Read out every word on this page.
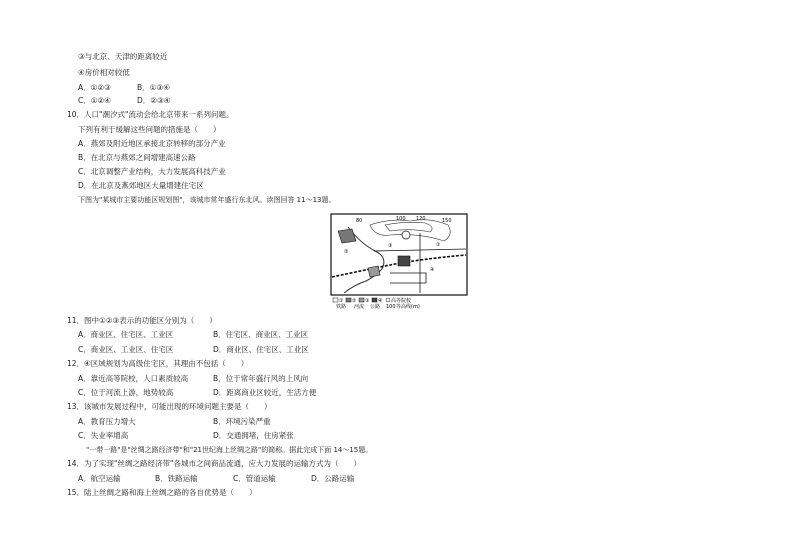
③与北京、天津的距离较近
④房价相对较低
A．①②③	B．①③④
C．①②④	D．②③④
10．人口"潮汐式"流动会给北京带来一系列问题。
下列有利于缓解这些问题的措施是（　　）
A．燕郊及附近地区承接北京转移的部分产业
B．在北京与燕郊之间增建高速公路
C．北京调整产业结构，大力发展高科技产业
D．在北京及燕郊地区大量增建住宅区
下图为"某城市主要功能区规划图"，该城市常年盛行东北风。读图回答 11～13题。
80	100 120	150
①
②
③
④
① ② ③ ④ 高等院校
铁路 河流 公路 100 等高线(m)
11．图中①②③表示的功能区分别为（　　）
A．商业区、住宅区、工业区	B．住宅区、商业区、工业区
C．商业区、工业区、住宅区	D．商业区、住宅区、工业区
12．④区域规划为高级住宅区，其理由不包括（　　）
A．靠近高等院校，人口素质较高	B．位于常年盛行风的上风向
C．位于河流上游，地势较高	D．距离商业区较近，生活方便
13．该城市发展过程中，可能出现的环境问题主要是（　　）
A．教育压力增大	B．环境污染严重
C．失业率增高	D．交通拥堵，住房紧张
"一带一路"是"丝绸之路经济带"和"21世纪海上丝绸之路"的简称。据此完成下面 14～15题。
14．为了实现"丝绸之路经济带"各城市之间商品流通，应大力发展的运输方式为（　　）
A．航空运输	B．铁路运输	C．管道运输	D．公路运输
15．陆上丝绸之路和海上丝绸之路的各自优势是（　　）
